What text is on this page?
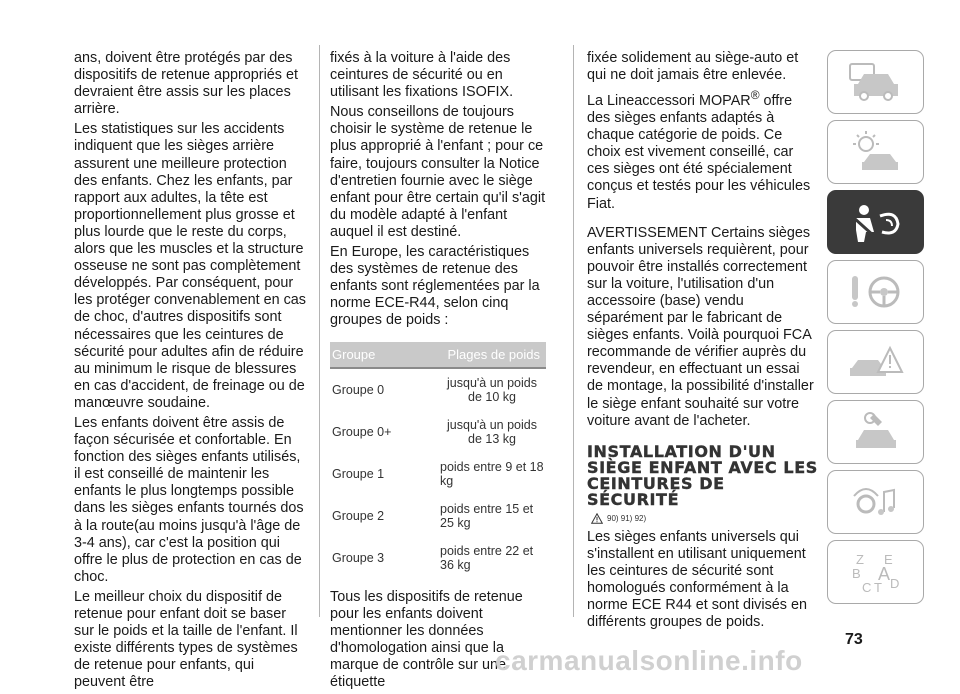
ans, doivent être protégés par des dispositifs de retenue appropriés et devraient être assis sur les places arrière.

Les statistiques sur les accidents indiquent que les sièges arrière assurent une meilleure protection des enfants. Chez les enfants, par rapport aux adultes, la tête est proportionnellement plus grosse et plus lourde que le reste du corps, alors que les muscles et la structure osseuse ne sont pas complètement développés. Par conséquent, pour les protéger convenablement en cas de choc, d'autres dispositifs sont nécessaires que les ceintures de sécurité pour adultes afin de réduire au minimum le risque de blessures en cas d'accident, de freinage ou de manœuvre soudaine.

Les enfants doivent être assis de façon sécurisée et confortable. En fonction des sièges enfants utilisés, il est conseillé de maintenir les enfants le plus longtemps possible dans les sièges enfants tournés dos à la route(au moins jusqu'à l'âge de 3-4 ans), car c'est la position qui offre le plus de protection en cas de choc.

Le meilleur choix du dispositif de retenue pour enfant doit se baser sur le poids et la taille de l'enfant. Il existe différents types de systèmes de retenue pour enfants, qui peuvent être

fixés à la voiture à l'aide des ceintures de sécurité ou en utilisant les fixations ISOFIX.

Nous conseillons de toujours choisir le système de retenue le plus approprié à l'enfant ; pour ce faire, toujours consulter la Notice d'entretien fournie avec le siège enfant pour être certain qu'il s'agit du modèle adapté à l'enfant auquel il est destiné.

En Europe, les caractéristiques des systèmes de retenue des enfants sont réglementées par la norme ECE-R44, selon cinq groupes de poids :

Groupe	Plages de poids
Groupe 0	jusqu'à un poids de 10 kg
Groupe 0+	jusqu'à un poids de 13 kg
Groupe 1	poids entre 9 et 18 kg
Groupe 2	poids entre 15 et 25 kg
Groupe 3	poids entre 22 et 36 kg

Tous les dispositifs de retenue pour les enfants doivent mentionner les données d'homologation ainsi que la marque de contrôle sur une étiquette

fixée solidement au siège-auto et qui ne doit jamais être enlevée.

La Lineaccessori MOPAR® offre des sièges enfants adaptés à chaque catégorie de poids. Ce choix est vivement conseillé, car ces sièges ont été spécialement conçus et testés pour les véhicules Fiat.

AVERTISSEMENT Certains sièges enfants universels requièrent, pour pouvoir être installés correctement sur la voiture, l'utilisation d'un accessoire (base) vendu séparément par le fabricant de sièges enfants. Voilà pourquoi FCA recommande de vérifier auprès du revendeur, en effectuant un essai de montage, la possibilité d'installer le siège enfant souhaité sur votre voiture avant de l'acheter.

INSTALLATION D'UN SIÈGE ENFANT AVEC LES CEINTURES DE SÉCURITÉ
90) 91) 92)

Les sièges enfants universels qui s'installent en utilisant uniquement les ceintures de sécurité sont homologués conformément à la norme ECE R44 et sont divisés en différents groupes de poids.

Z E
B A
C T D
73
carmanualsonline.info
